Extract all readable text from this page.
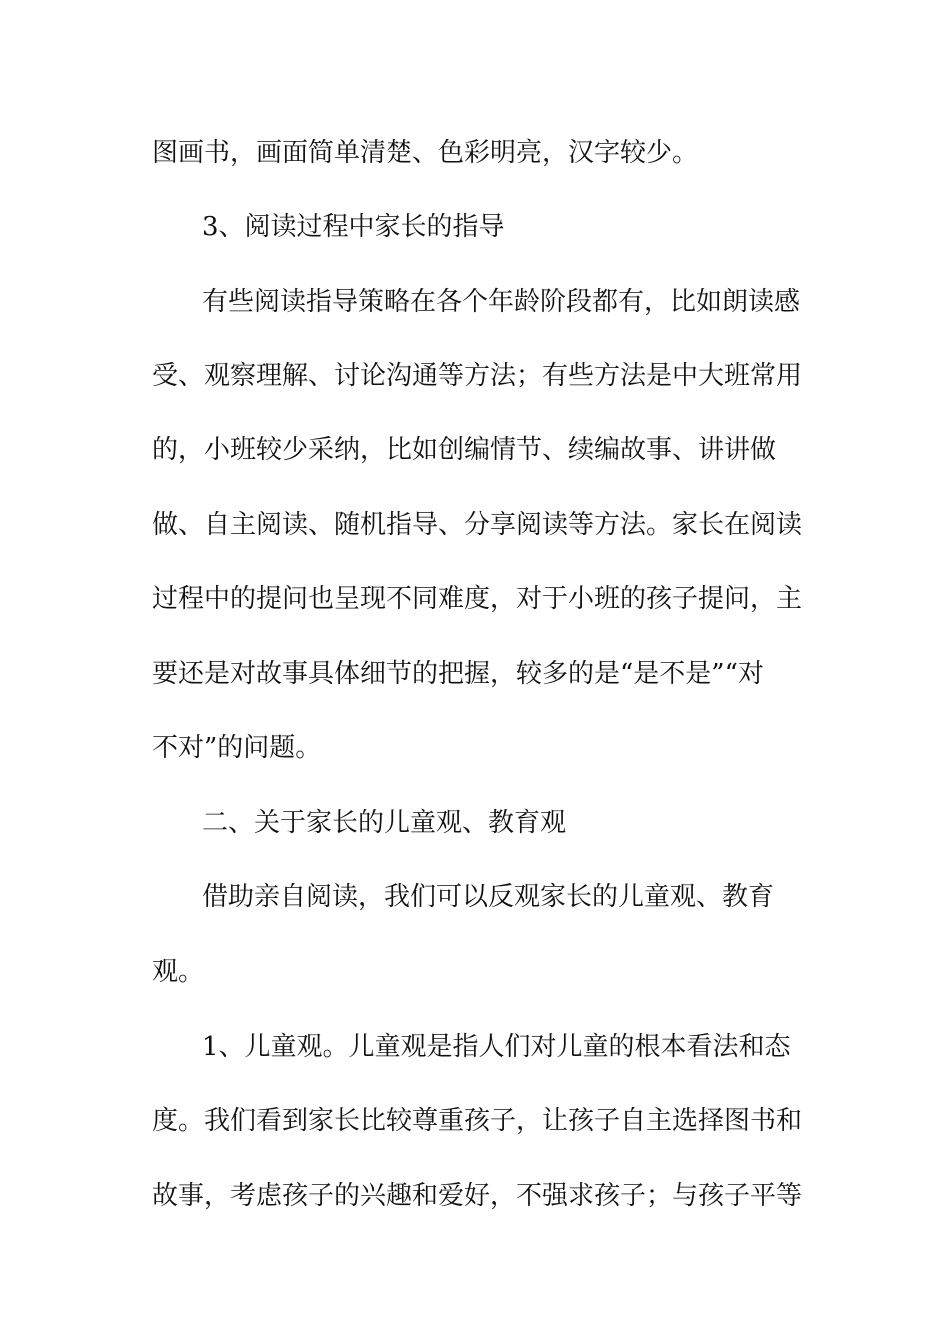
图画书，画面简单清楚、色彩明亮，汉字较少。
3、阅读过程中家长的指导
有些阅读指导策略在各个年龄阶段都有，比如朗读感
受、观察理解、讨论沟通等方法；有些方法是中大班常用
的，小班较少采纳，比如创编情节、续编故事、讲讲做
做、自主阅读、随机指导、分享阅读等方法。家长在阅读
过程中的提问也呈现不同难度，对于小班的孩子提问，主
要还是对故事具体细节的把握，较多的是“是不是”“对
不对”的问题。
二、关于家长的儿童观、教育观
借助亲自阅读，我们可以反观家长的儿童观、教育
观。
1、儿童观。儿童观是指人们对儿童的根本看法和态
度。我们看到家长比较尊重孩子，让孩子自主选择图书和
故事，考虑孩子的兴趣和爱好，不强求孩子；与孩子平等
